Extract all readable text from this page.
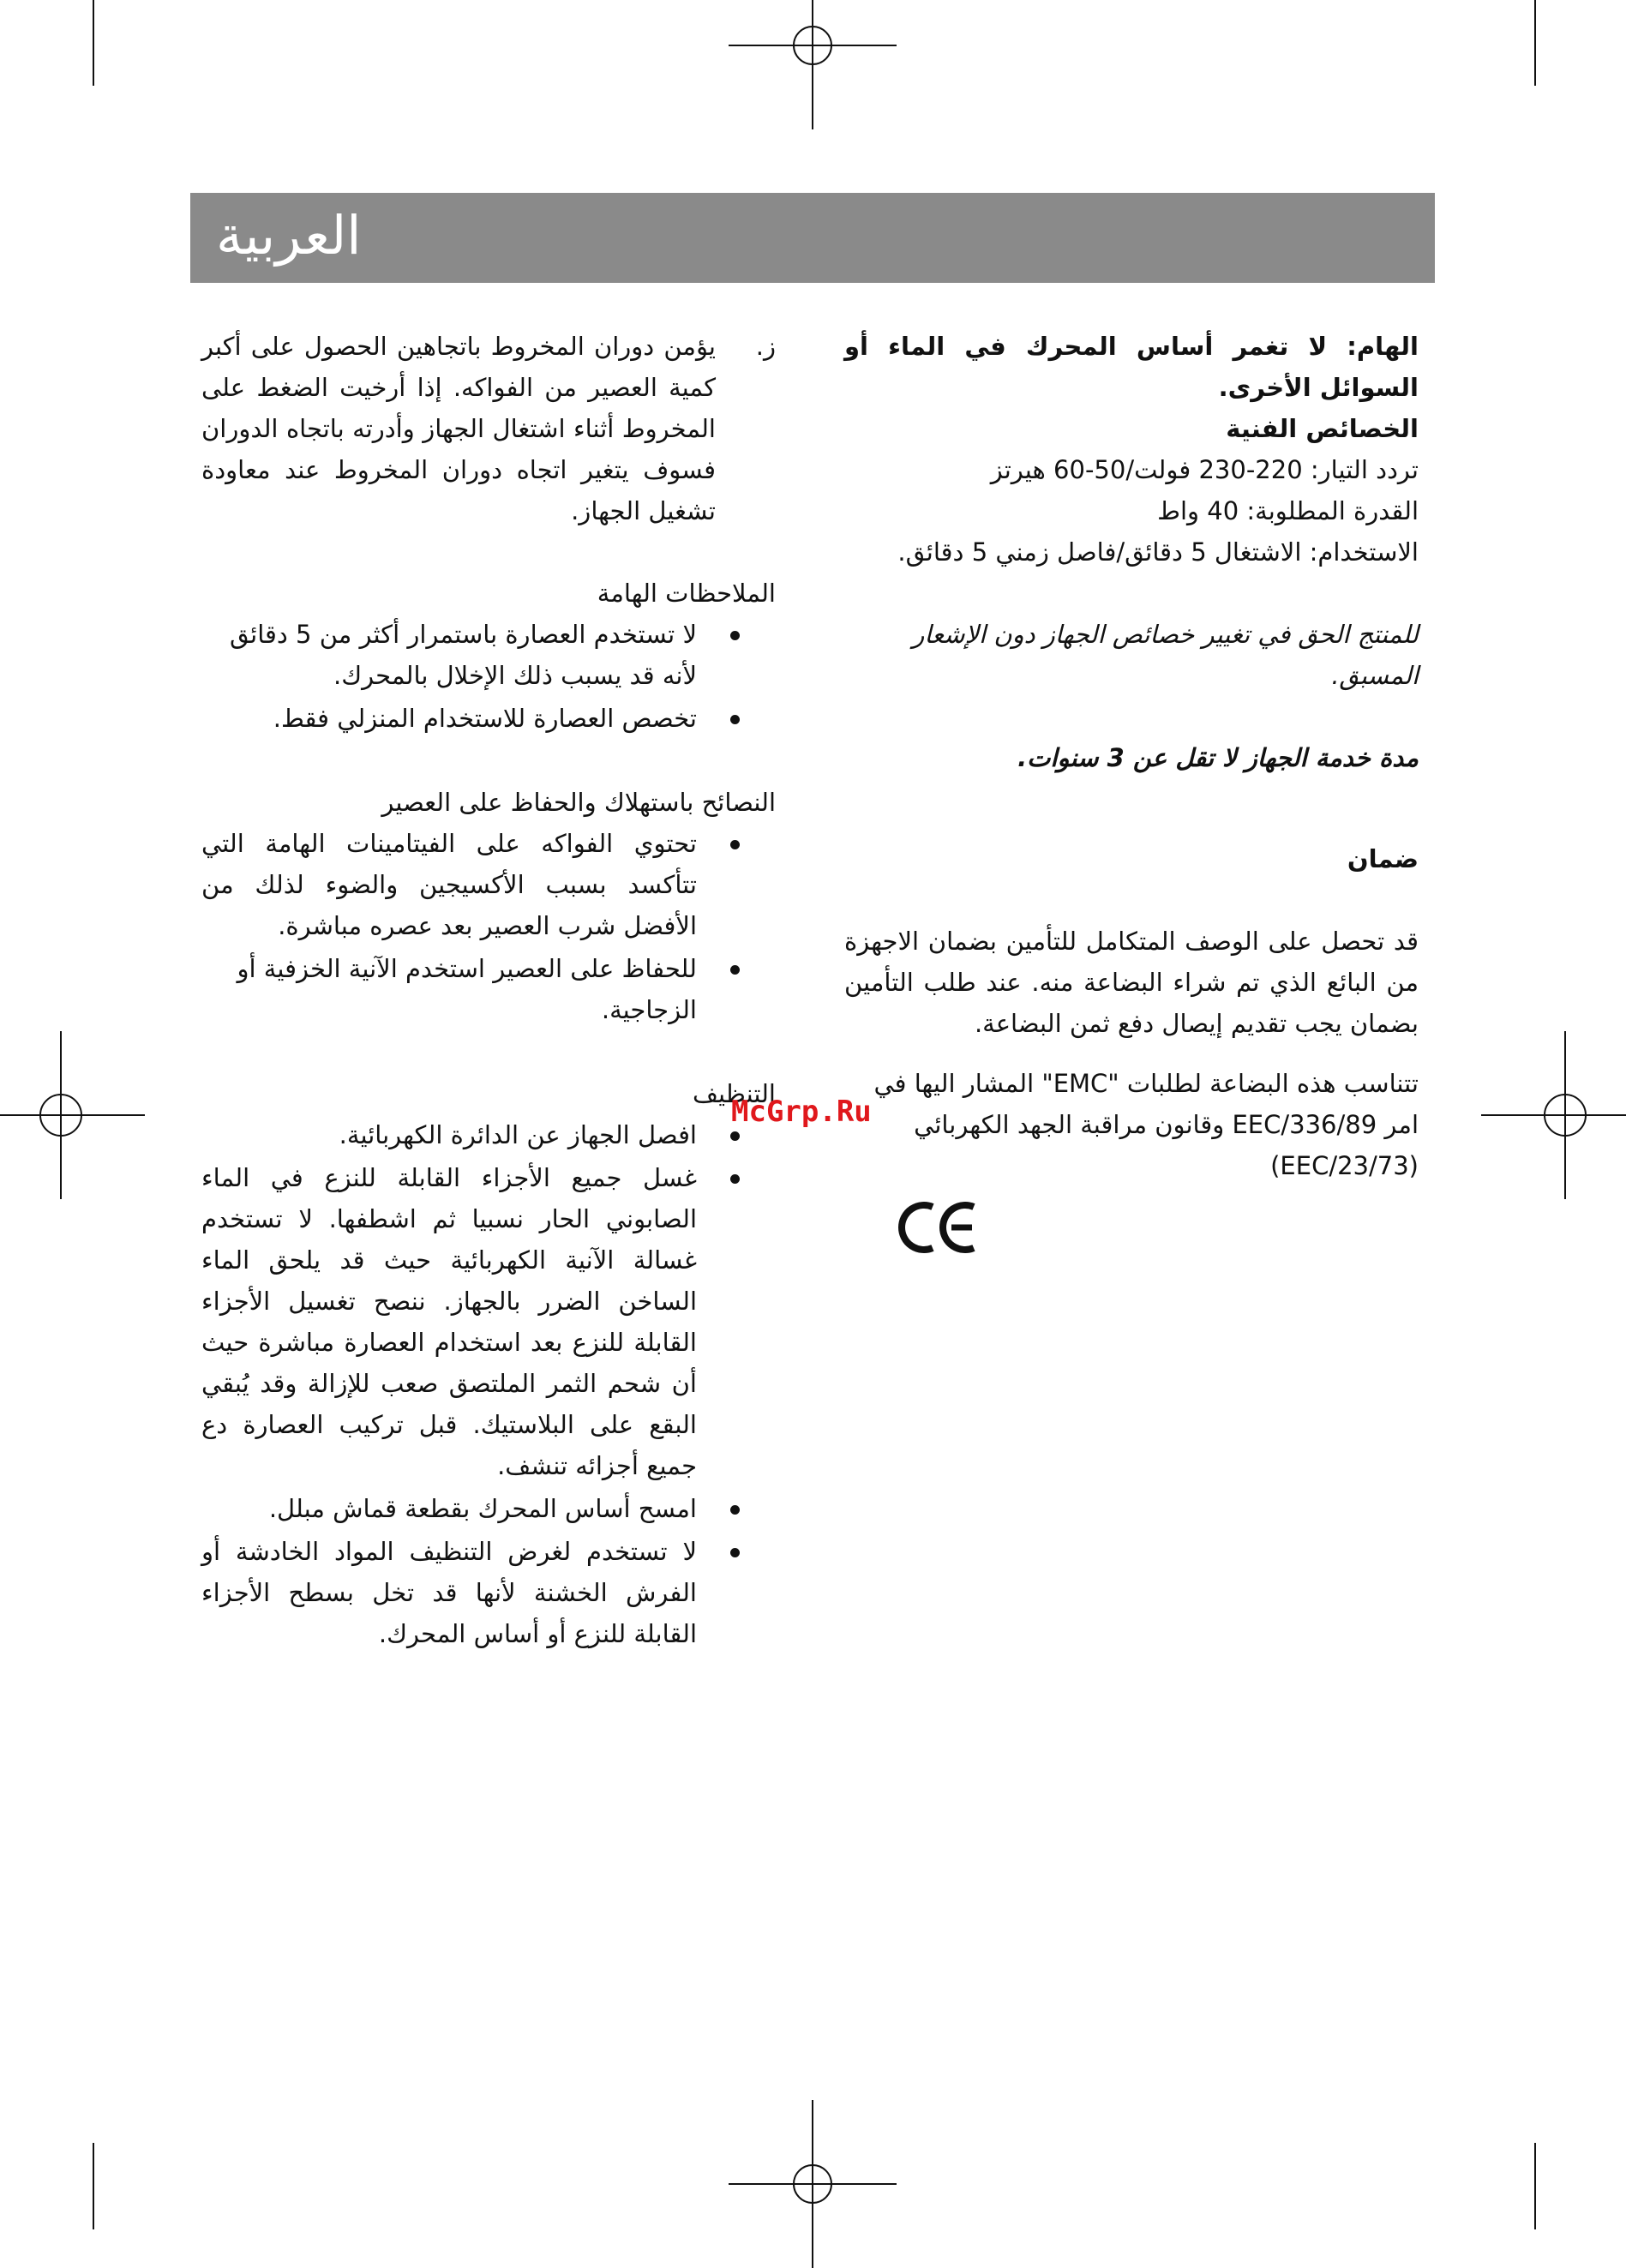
العربية

الهام: لا تغمر أساس المحرك في الماء أو السوائل الأخرى.

الخصائص الفنية

تردد التيار: 220-230 فولت/50-60 هيرتز

القدرة المطلوبة: 40 واط

الاستخدام: الاشتغال 5 دقائق/فاصل زمني 5 دقائق.

للمنتج الحق في تغيير خصائص الجهاز دون الإشعار المسبق.

مدة خدمة الجهاز لا تقل عن 3 سنوات.

ضمان

قد تحصل على الوصف المتكامل للتأمين بضمان الاجهزة من البائع الذي تم شراء البضاعة منه. عند طلب التأمين بضمان يجب تقديم إيصال دفع ثمن البضاعة.

تتناسب هذه البضاعة لطلبات "EMC" المشار اليها في

امر EEC/336/89 وقانون مراقبة الجهد الكهربائي

(EEC/23/73)

ز.

يؤمن دوران المخروط باتجاهين الحصول على أكبر كمية العصير من الفواكه. إذا أرخيت الضغط على المخروط أثناء اشتغال الجهاز وأدرته باتجاه الدوران فسوف يتغير اتجاه دوران المخروط عند معاودة تشغيل الجهاز.

الملاحظات الهامة

لا تستخدم العصارة باستمرار أكثر من 5 دقائق لأنه قد يسبب ذلك الإخلال بالمحرك.
تخصص العصارة للاستخدام المنزلي فقط.

النصائح باستهلاك والحفاظ على العصير

تحتوي الفواكه على الفيتامينات الهامة التي تتأكسد بسبب الأكسيجين والضوء لذلك من الأفضل شرب العصير بعد عصره مباشرة.
للحفاظ على العصير استخدم الآنية الخزفية أو الزجاجية.

التنظيف

افصل الجهاز عن الدائرة الكهربائية.
غسل جميع الأجزاء القابلة للنزع في الماء الصابوني الحار نسبيا ثم اشطفها. لا تستخدم غسالة الآنية الكهربائية حيث قد يلحق الماء الساخن الضرر بالجهاز. ننصح تغسيل الأجزاء القابلة للنزع بعد استخدام العصارة مباشرة حيث أن شحم الثمر الملتصق صعب للإزالة وقد يُبقي البقع على البلاستيك. قبل تركيب العصارة دع جميع أجزائه تنشف.
امسح أساس المحرك بقطعة قماش مبلل.
لا تستخدم لغرض التنظيف المواد الخادشة أو الفرش الخشنة لأنها قد تخل بسطح الأجزاء القابلة للنزع أو أساس المحرك.
McGrp.Ru
